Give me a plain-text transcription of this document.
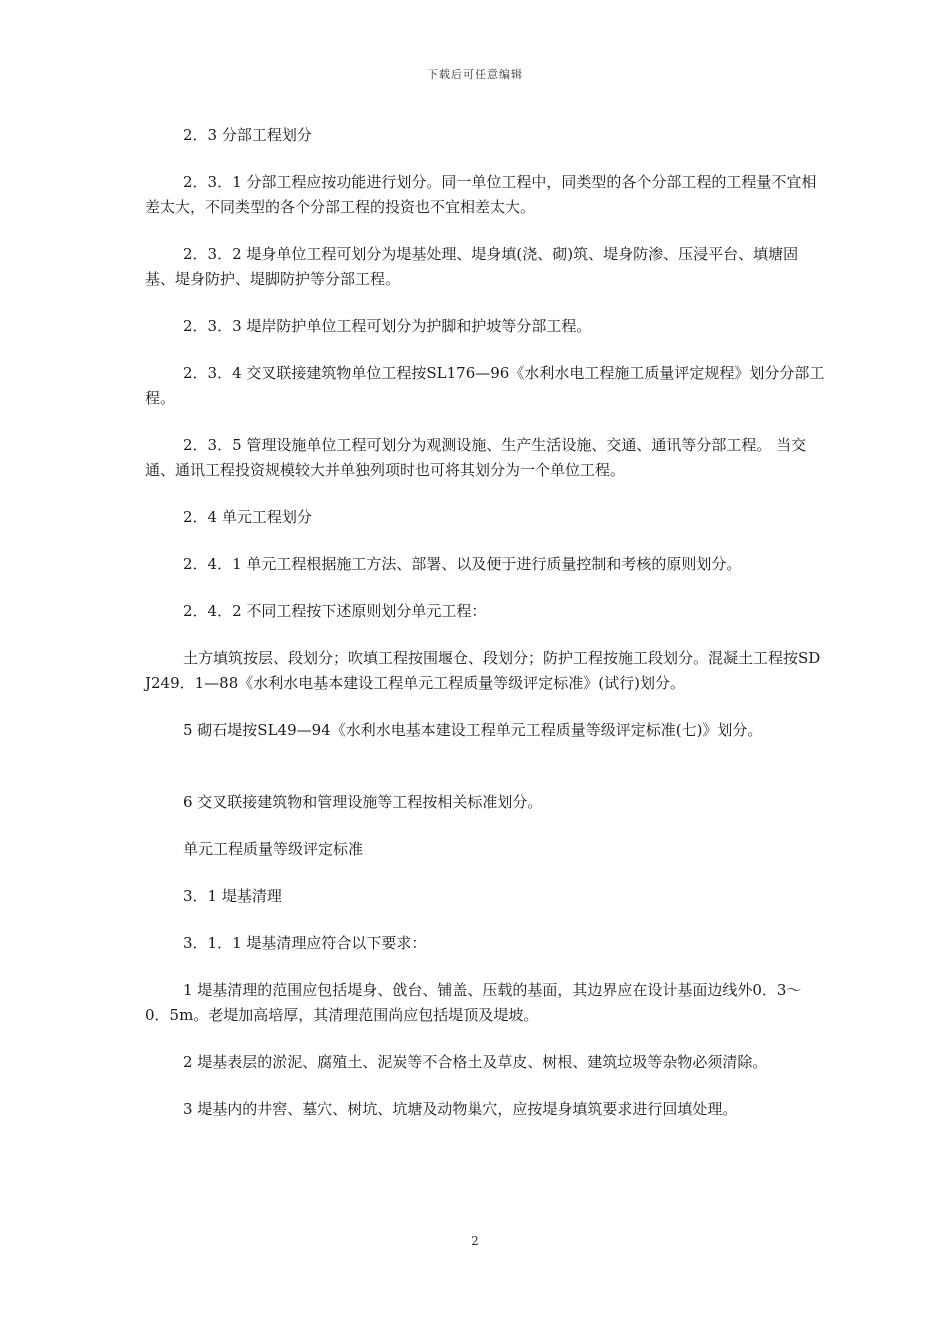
下载后可任意编辑

2．3 分部工程划分

2．3．1 分部工程应按功能进行划分。同一单位工程中，同类型的各个分部工程的工程量不宜相差太大，不同类型的各个分部工程的投资也不宜相差太大。

2．3．2 堤身单位工程可划分为堤基处理、堤身填(浇、砌)筑、堤身防渗、压浸平台、填塘固基、堤身防护、堤脚防护等分部工程。

2．3．3 堤岸防护单位工程可划分为护脚和护坡等分部工程。

2．3．4 交叉联接建筑物单位工程按SL176—96《水利水电工程施工质量评定规程》划分分部工程。

2．3．5 管理设施单位工程可划分为观测设施、生产生活设施、交通、通讯等分部工程。 当交通、通讯工程投资规模较大并单独列项时也可将其划分为一个单位工程。

2．4 单元工程划分

2．4．1 单元工程根据施工方法、部署、以及便于进行质量控制和考核的原则划分。

2．4．2 不同工程按下述原则划分单元工程：

土方填筑按层、段划分；吹填工程按围堰仓、段划分；防护工程按施工段划分。混凝土工程按SDJ249．1—88《水利水电基本建设工程单元工程质量等级评定标准》(试行)划分。

5 砌石堤按SL49—94《水利水电基本建设工程单元工程质量等级评定标准(七)》划分。

6 交叉联接建筑物和管理设施等工程按相关标准划分。

单元工程质量等级评定标准

3．1 堤基清理

3．1．1 堤基清理应符合以下要求：

1 堤基清理的范围应包括堤身、戗台、铺盖、压载的基面，其边界应在设计基面边线外0．3～0．5m。老堤加高培厚，其清理范围尚应包括堤顶及堤坡。

2 堤基表层的淤泥、腐殖土、泥炭等不合格土及草皮、树根、建筑垃圾等杂物必须清除。

3 堤基内的井窖、墓穴、树坑、坑塘及动物巢穴，应按堤身填筑要求进行回填处理。

2
